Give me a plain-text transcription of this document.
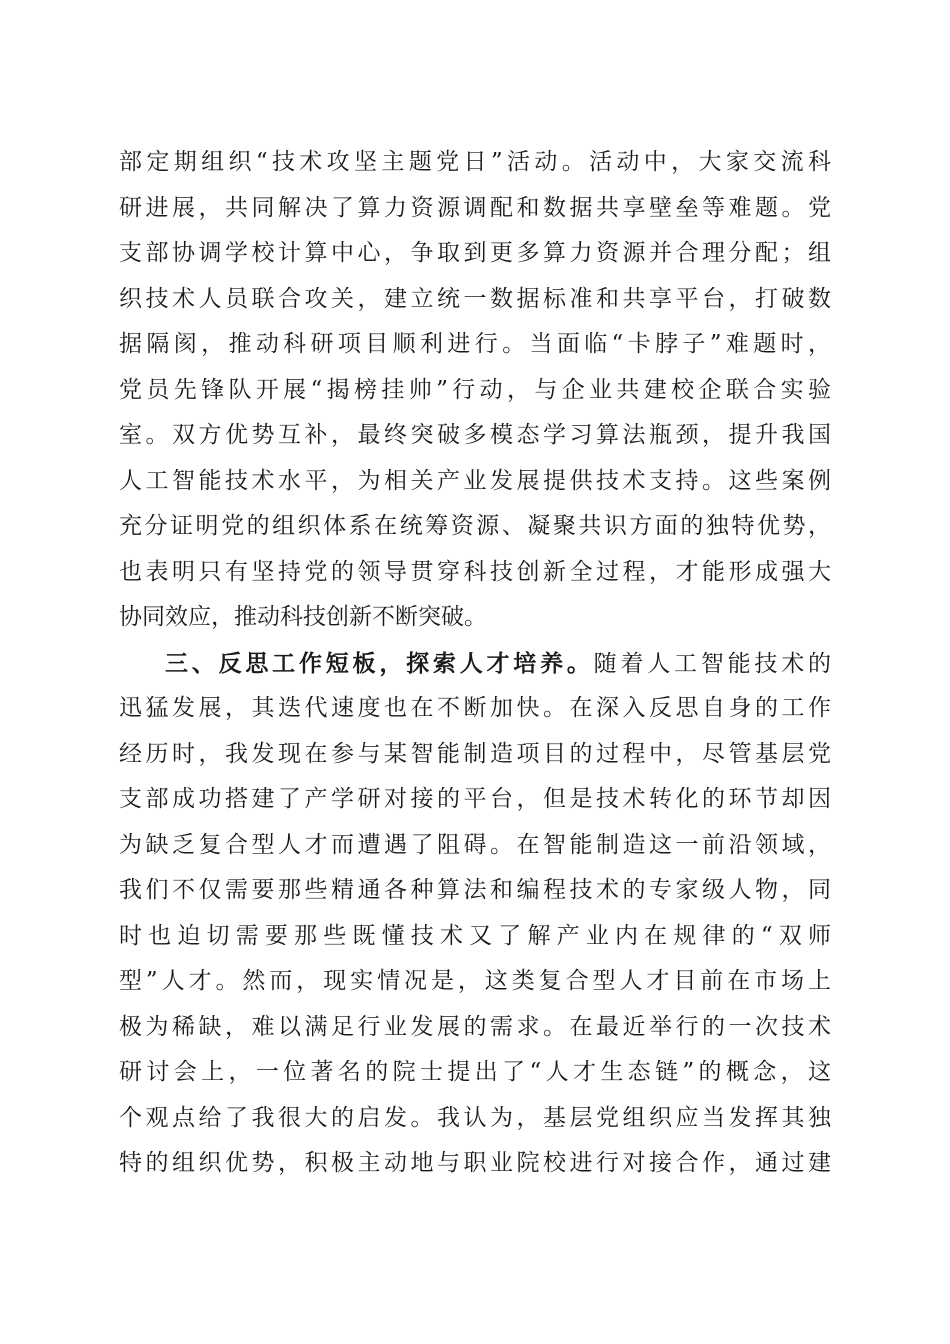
部定期组织“技术攻坚主题党日”活动。活动中，大家交流科
研进展，共同解决了算力资源调配和数据共享壁垒等难题。党
支部协调学校计算中心，争取到更多算力资源并合理分配；组
织技术人员联合攻关，建立统一数据标准和共享平台，打破数
据隔阂，推动科研项目顺利进行。当面临“卡脖子”难题时，
党员先锋队开展“揭榜挂帅”行动，与企业共建校企联合实验
室。双方优势互补，最终突破多模态学习算法瓶颈，提升我国
人工智能技术水平，为相关产业发展提供技术支持。这些案例
充分证明党的组织体系在统筹资源、凝聚共识方面的独特优势，
也表明只有坚持党的领导贯穿科技创新全过程，才能形成强大
协同效应，推动科技创新不断突破。
三、反思工作短板，探索人才培养。随着人工智能技术的
迅猛发展，其迭代速度也在不断加快。在深入反思自身的工作
经历时，我发现在参与某智能制造项目的过程中，尽管基层党
支部成功搭建了产学研对接的平台，但是技术转化的环节却因
为缺乏复合型人才而遭遇了阻碍。在智能制造这一前沿领域，
我们不仅需要那些精通各种算法和编程技术的专家级人物，同
时也迫切需要那些既懂技术又了解产业内在规律的“双师
型”人才。然而，现实情况是，这类复合型人才目前在市场上
极为稀缺，难以满足行业发展的需求。在最近举行的一次技术
研讨会上，一位著名的院士提出了“人才生态链”的概念，这
个观点给了我很大的启发。我认为，基层党组织应当发挥其独
特的组织优势，积极主动地与职业院校进行对接合作，通过建
